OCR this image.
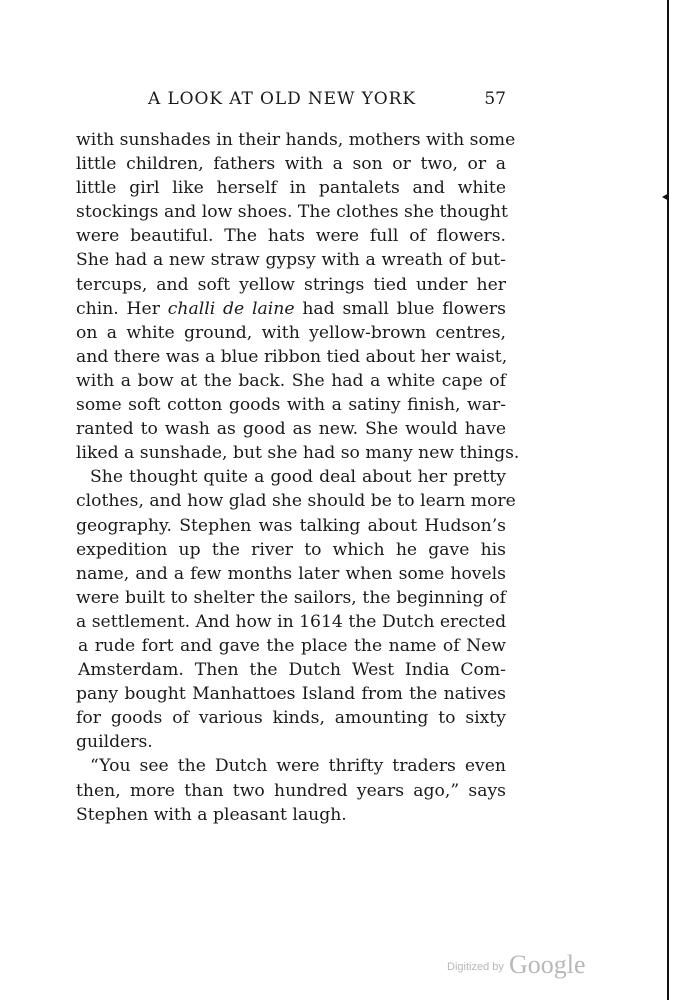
A LOOK AT OLD NEW YORK	57
with sunshades in their hands, mothers with some
little children, fathers with a son or two, or a
little girl like herself in pantalets and white
stockings and low shoes. The clothes she thought
were beautiful. The hats were full of flowers.
She had a new straw gypsy with a wreath of but-
tercups, and soft yellow strings tied under her
chin. Her challi de laine had small blue flowers
on a white ground, with yellow-brown centres,
and there was a blue ribbon tied about her waist,
with a bow at the back. She had a white cape of
some soft cotton goods with a satiny finish, war-
ranted to wash as good as new. She would have
liked a sunshade, but she had so many new things.
She thought quite a good deal about her pretty
clothes, and how glad she should be to learn more
geography. Stephen was talking about Hudson’s
expedition up the river to which he gave his
name, and a few months later when some hovels
were built to shelter the sailors, the beginning of
a settlement. And how in 1614 the Dutch erected
a rude fort and gave the place the name of New
Amsterdam. Then the Dutch West India Com-
pany bought Manhattoes Island from the natives
for goods of various kinds, amounting to sixty
guilders.
“You see the Dutch were thrifty traders even
then, more than two hundred years ago,” says
Stephen with a pleasant laugh.
Digitized by Google
